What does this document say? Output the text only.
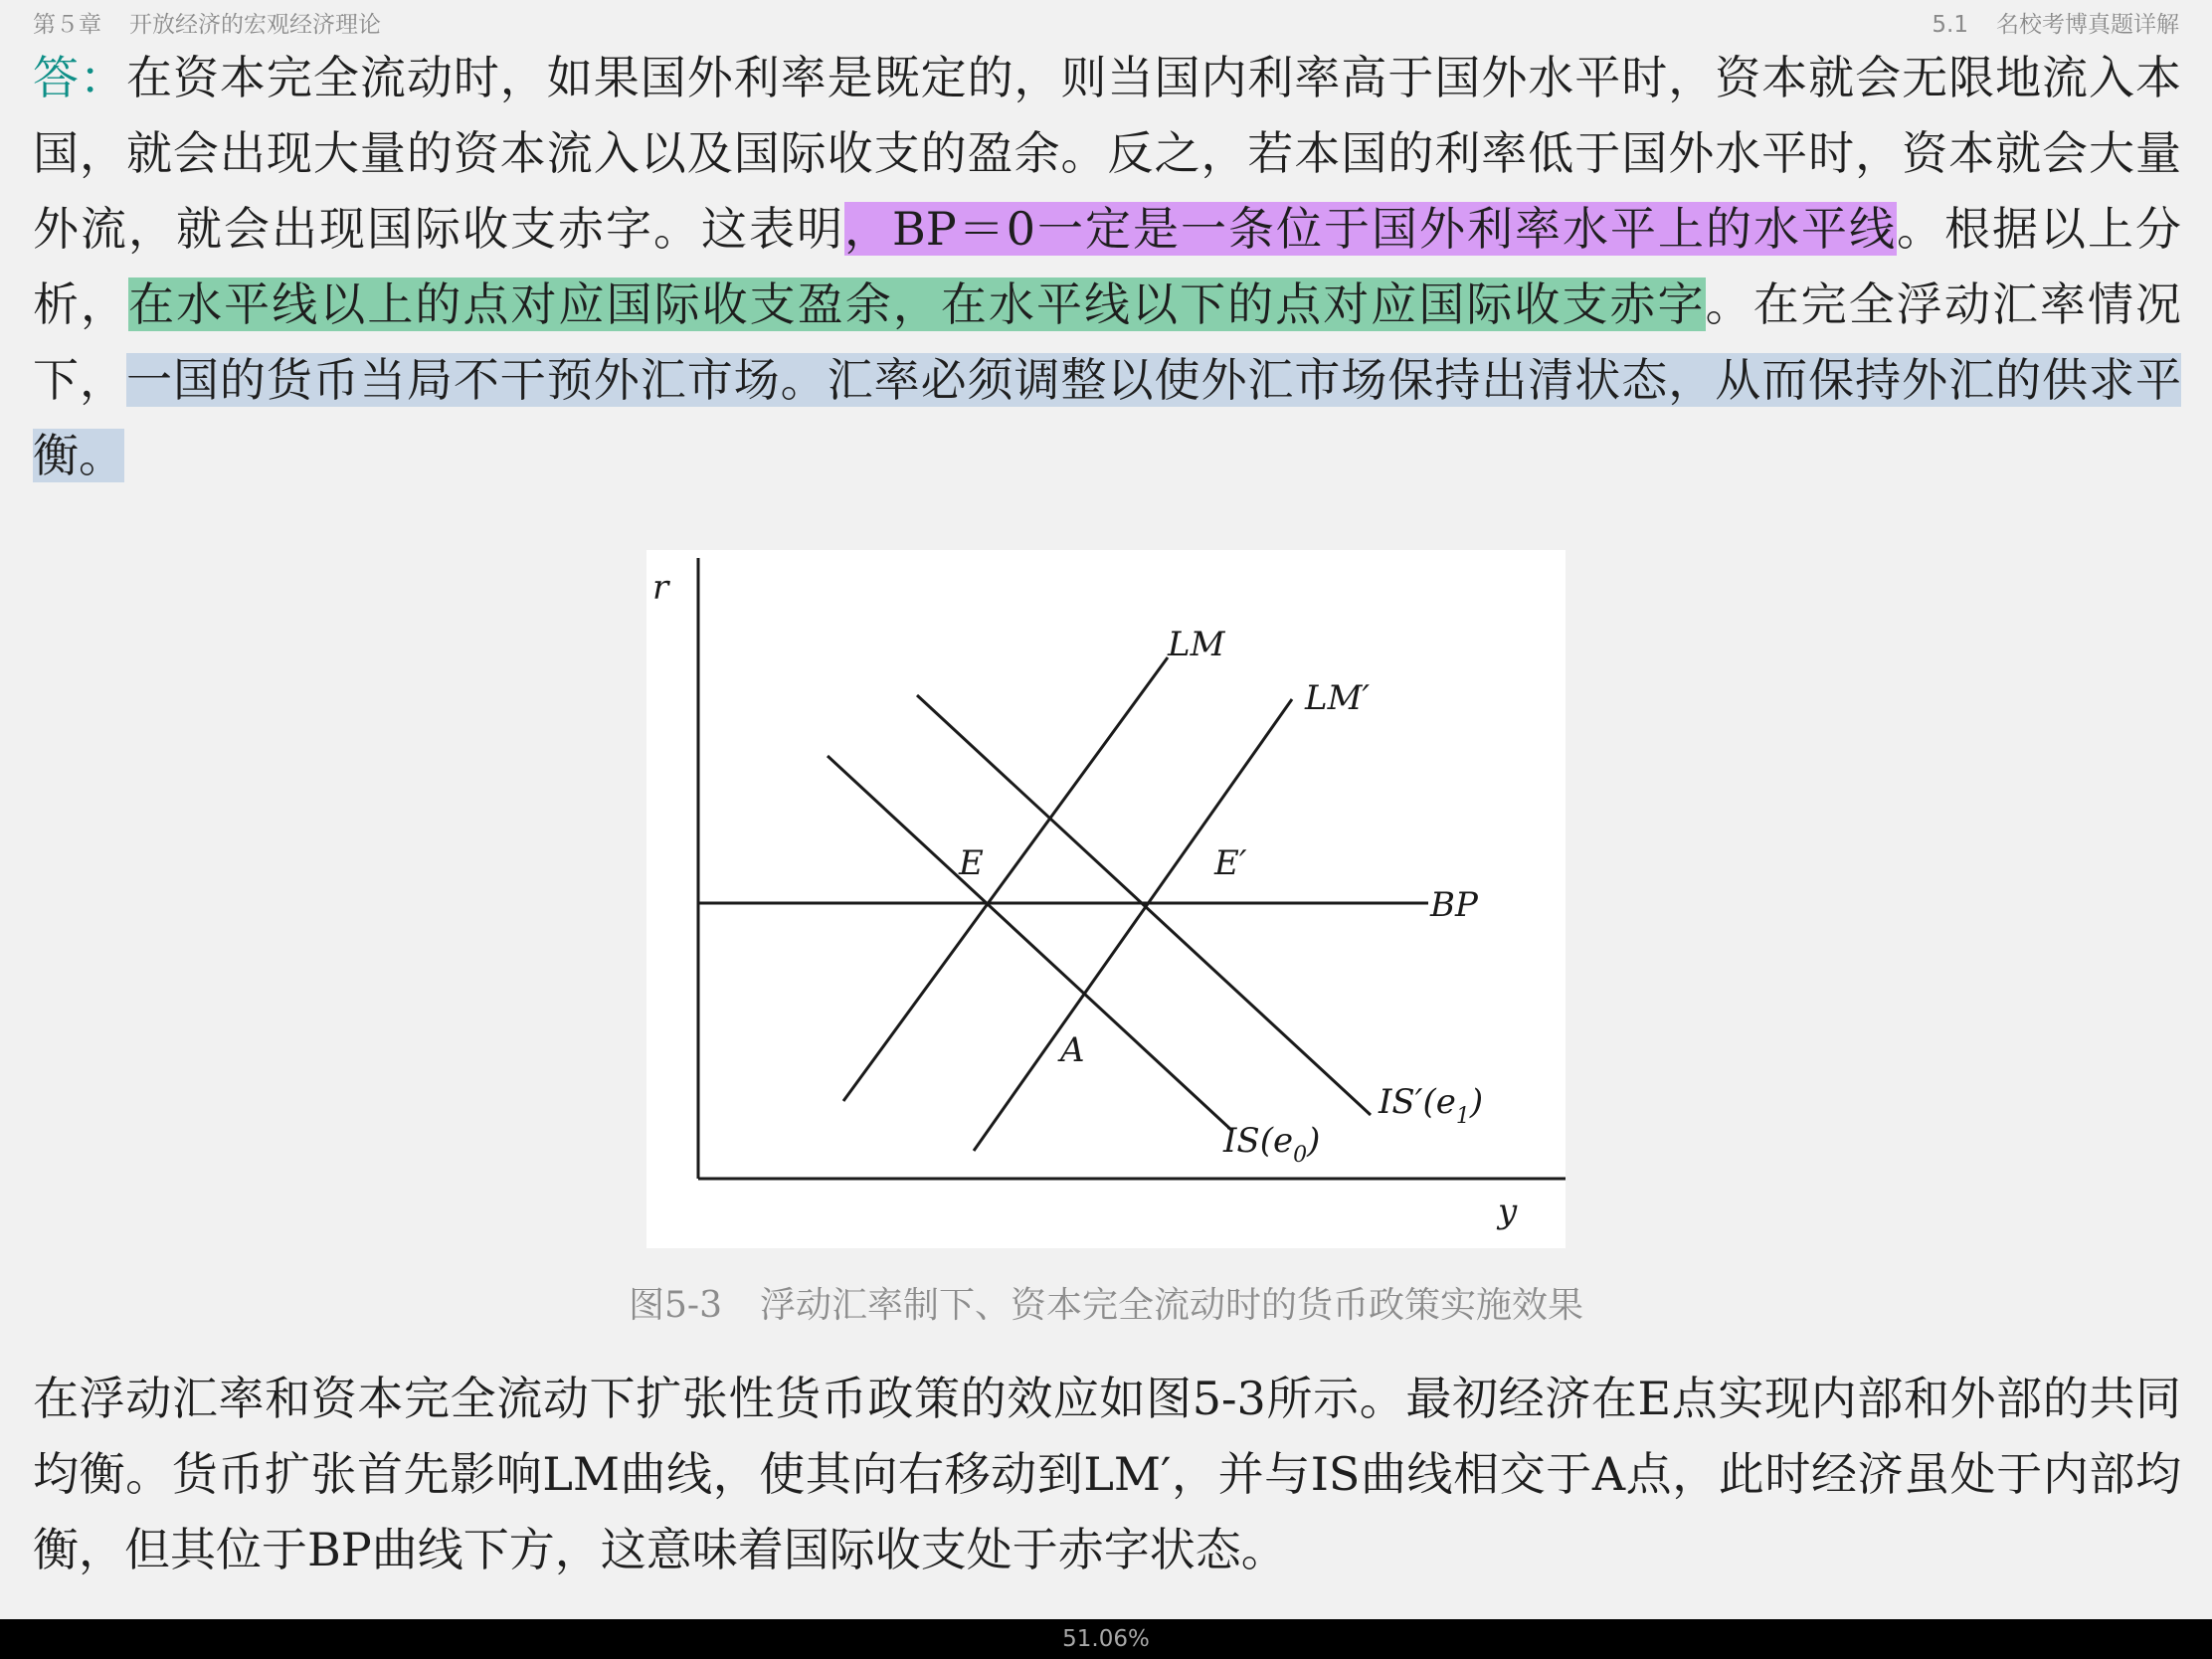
第５章 开放经济的宏观经济理论	5.1 名校考博真题详解

答：在资本完全流动时，如果国外利率是既定的，则当国内利率高于国外水平时，资本就会无限地流入本国，就会出现大量的资本流入以及国际收支的盈余。反之，若本国的利率低于国外水平时，资本就会大量外流，就会出现国际收支赤字。这表明，BP＝0一定是一条位于国外利率水平上的水平线。根据以上分析，在水平线以上的点对应国际收支盈余，在水平线以下的点对应国际收支赤字。在完全浮动汇率情况下，一国的货币当局不干预外汇市场。汇率必须调整以使外汇市场保持出清状态，从而保持外汇的供求平衡。

r
y
LM
LM′
BP
E	E′
A
$IS(e_0)$
$IS'(e_1)$
图5-3 浮动汇率制下、资本完全流动时的货币政策实施效果

在浮动汇率和资本完全流动下扩张性货币政策的效应如图5-3所示。最初经济在E点实现内部和外部的共同均衡。货币扩张首先影响LM曲线，使其向右移动到LM′，并与IS曲线相交于A点，此时经济虽处于内部均衡，但其位于BP曲线下方，这意味着国际收支处于赤字状态。

51.06%
